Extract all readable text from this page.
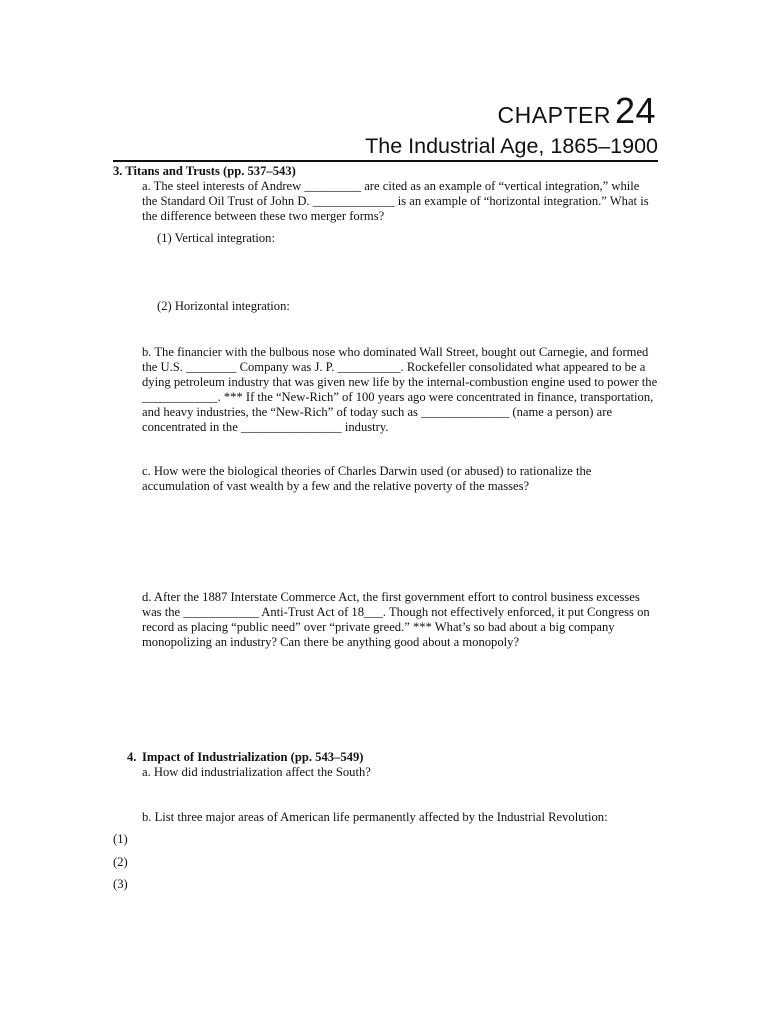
CHAPTER 24
The Industrial Age, 1865–1900
3. Titans and Trusts (pp. 537–543)
a. The steel interests of Andrew _________ are cited as an example of “vertical integration,” while
the Standard Oil Trust of John D. _____________ is an example of “horizontal integration.” What is
the difference between these two merger forms?
(1) Vertical integration:
(2) Horizontal integration:
b. The financier with the bulbous nose who dominated Wall Street, bought out Carnegie, and formed
the U.S. ________ Company was J. P. __________. Rockefeller consolidated what appeared to be a
dying petroleum industry that was given new life by the internal-combustion engine used to power the
____________. *** If the “New-Rich” of 100 years ago were concentrated in finance, transportation,
and heavy industries, the “New-Rich” of today such as ______________ (name a person) are
concentrated in the ________________ industry.
c. How were the biological theories of Charles Darwin used (or abused) to rationalize the
accumulation of vast wealth by a few and the relative poverty of the masses?
d. After the 1887 Interstate Commerce Act, the first government effort to control business excesses
was the ____________ Anti-Trust Act of 18___. Though not effectively enforced, it put Congress on
record as placing “public need” over “private greed.” *** What’s so bad about a big company
monopolizing an industry? Can there be anything good about a monopoly?
4. Impact of Industrialization (pp. 543–549)
a. How did industrialization affect the South?
b. List three major areas of American life permanently affected by the Industrial Revolution:
(1)
(2)
(3)
